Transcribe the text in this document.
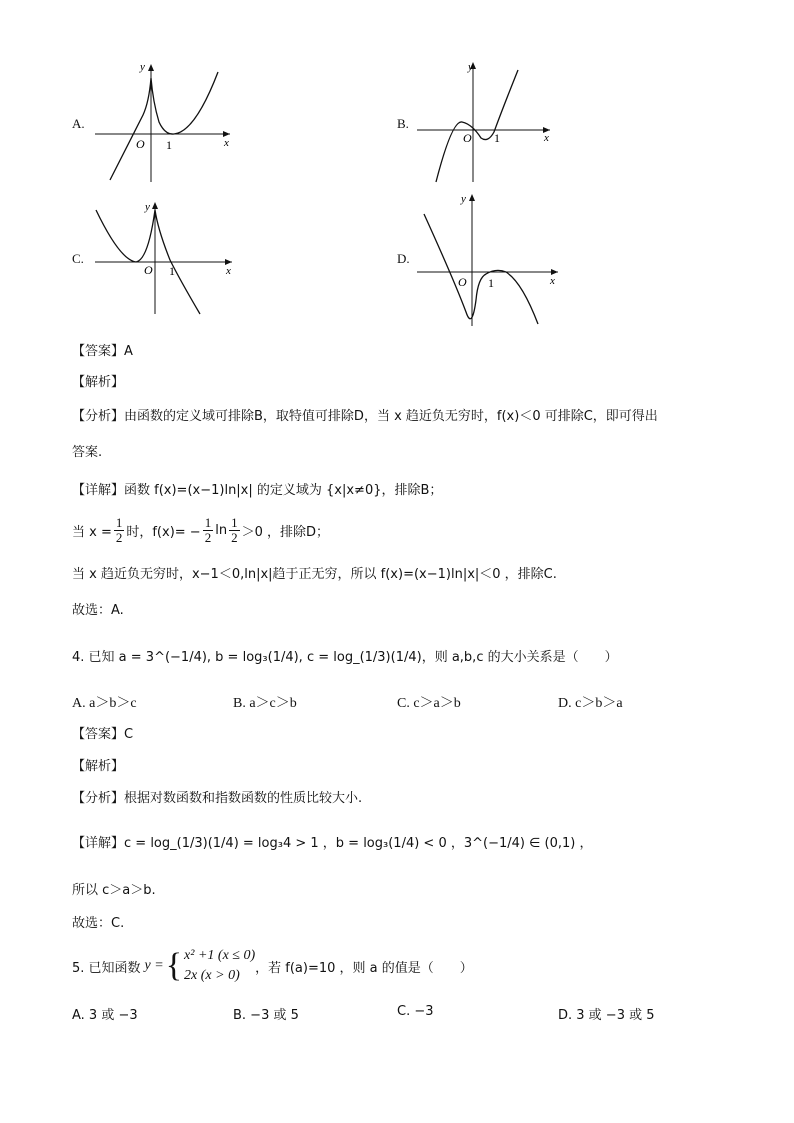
A.
y
x
O 1
B.
y
x
O 1
C.
y
x
O 1
D.
y
x
O 1
【答案】A
【解析】
【分析】由函数的定义域可排除B，取特值可排除D，当 x 趋近负无穷时，f(x)＜0 可排除C，即可得出
答案.
【详解】函数 f(x)=(x−1)ln|x| 的定义域为 {x|x≠0}，排除B；
当 $x = \frac{1}{2}$ 时，$f(x)= - \frac{1}{2}$ $\ln \frac{1}{2} >0$ ，排除D；
当 x 趋近负无穷时，x−1＜0,ln|x|趋于正无穷，所以 f(x)=(x−1)ln|x|＜0 ，排除C.
故选：A.
4. 已知 a = 3^(−1/4), b = log₃(1/4), c = log_(1/3)(1/4)，则 a,b,c 的大小关系是（　　）
A. a＞b＞c	B. a＞c＞b	C. c＞a＞b	D. c＞b＞a
【答案】C
【解析】
【分析】根据对数函数和指数函数的性质比较大小.
【详解】c = log_(1/3)(1/4) = log₃4 > 1 ，b = log₃(1/4) < 0 ，3^(−1/4) ∈ (0,1) ，
所以 c＞a＞b.
故选：C.
5. 已知函数 y = { x² +1 (x ≤ 0)
2x (x > 0)	，若 f(a)=10 ，则 a 的值是（　　）
A. 3 或 −3	B. −3 或 5	C. −3	D. 3 或 −3 或 5
